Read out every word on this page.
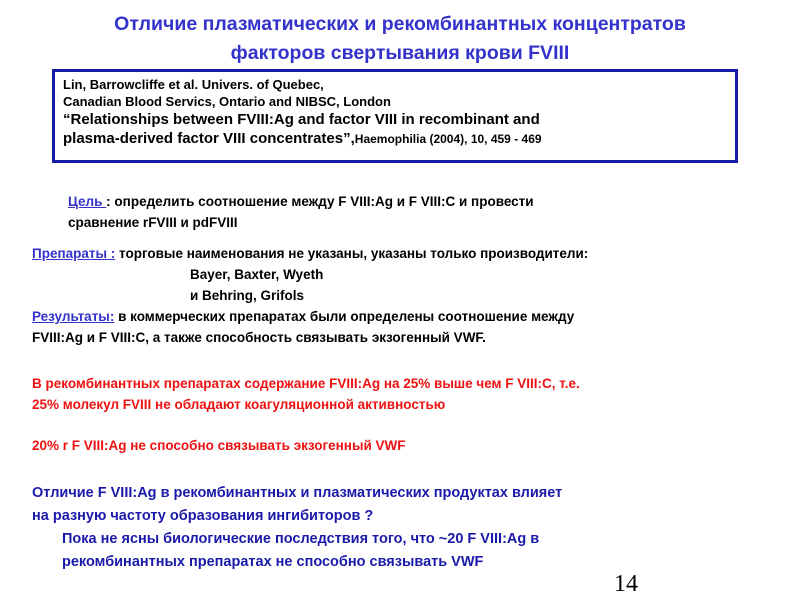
Отличие плазматических и рекомбинантных концентратов
факторов свертывания крови FVIII
Lin, Barrowcliffe et al. Univers. of Quebec,
Canadian Blood Servics, Ontario and NIBSC, London
“Relationships between FVIII:Ag and factor VIII in recombinant and
plasma-derived factor VIII concentrates”,Haemophilia (2004), 10, 459 - 469
Цель : определить соотношение между F VIII:Ag и F VIII:C и провести
сравнение rFVIII и pdFVIII
Препараты : торговые наименования не указаны, указаны только производители:
Bayer, Baxter, Wyeth
и Behring, Grifols
Результаты: в коммерческих препаратах были определены соотношение между
FVIII:Ag и F VIII:C, а также способность связывать экзогенный VWF.
В рекомбинантных препаратах содержание FVIII:Ag на 25% выше чем F VIII:C, т.е.
25% молекул FVIII не обладают коагуляционной активностью
20% r F VIII:Ag не способно связывать экзогенный VWF
Отличие F VIII:Ag в рекомбинантных и плазматических продуктах влияет
на разную частоту образования ингибиторов ?
Пока не ясны биологические последствия того, что ~20 F VIII:Ag в
рекомбинантных препаратах не способно связывать VWF
14
